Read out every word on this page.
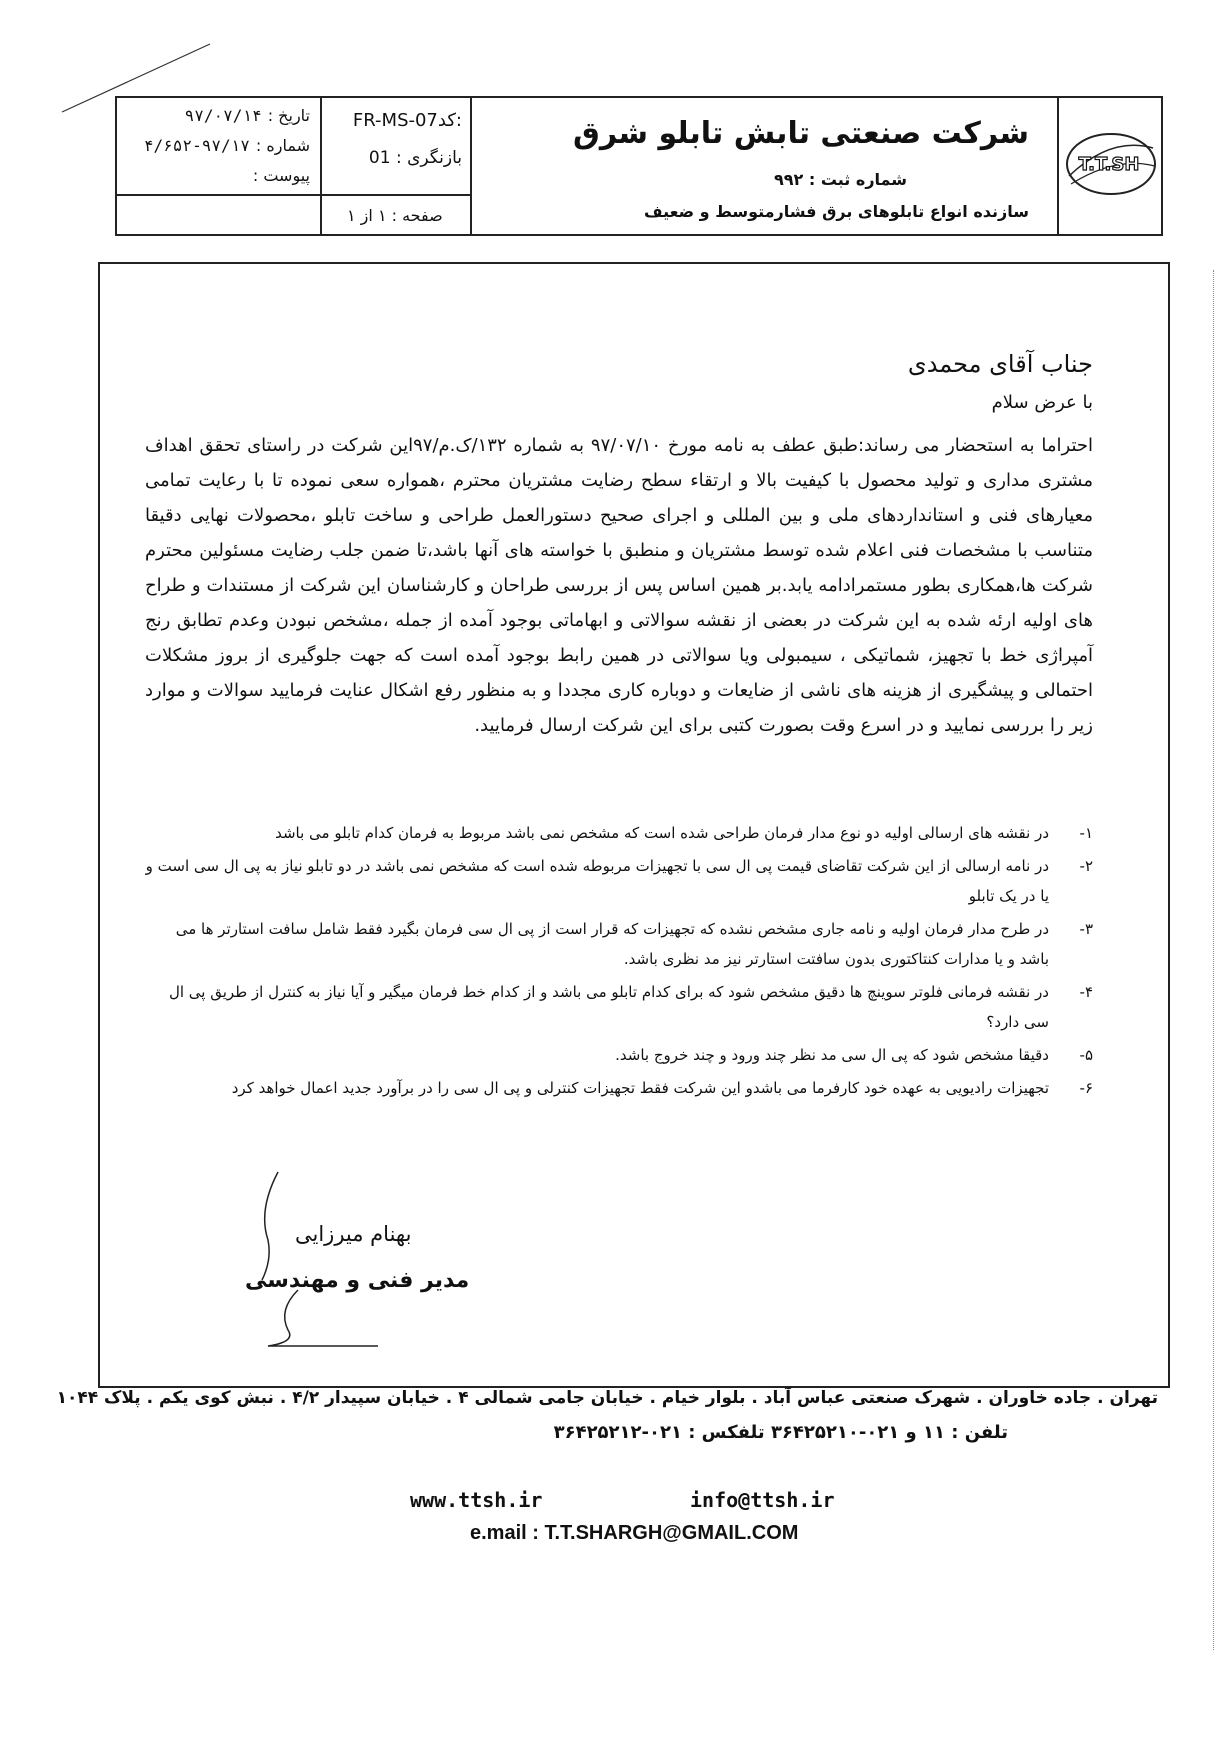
تاریخ :۹۷/۰۷/۱۴
شماره :۹۷/۱۷-۴/۶۵۲
پیوست :
FR-MS-07کد:
بازنگری : 01
صفحه : ۱ از ۱
شرکت صنعتی تابش تابلو شرق
شماره ثبت : ۹۹۲
سازنده انواع تابلوهای برق فشارمتوسط و ضعیف
T.T.SH
جناب آقای محمدی
با عرض سلام
احتراما به استحضار می رساند:طبق عطف به نامه مورخ ۹۷/۰۷/۱۰ به شماره ۱۳۲/ک.م/۹۷این شرکت در راستای تحقق اهداف مشتری مداری و تولید محصول با کیفیت بالا و ارتقاء سطح رضایت مشتریان محترم ،همواره سعی نموده تا با رعایت تمامی معیارهای فنی و استانداردهای ملی و بین المللی و اجرای صحیح دستورالعمل طراحی و ساخت تابلو ،محصولات نهایی دقیقا متناسب با مشخصات فنی اعلام شده توسط مشتریان و منطبق با خواسته های آنها باشد،تا ضمن جلب رضایت مسئولین محترم شرکت ها،همکاری بطور مستمرادامه یابد.بر همین اساس پس از بررسی طراحان و کارشناسان این شرکت از مستندات و طراح های اولیه ارئه شده به این شرکت در بعضی از نقشه سوالاتی و ابهاماتی بوجود آمده از جمله ،مشخص نبودن وعدم تطابق رنج آمپراژی خط با تجهیز، شماتیکی ، سیمبولی ویا سوالاتی در همین رابط بوجود آمده است که جهت جلوگیری از بروز مشکلات احتمالی و پیشگیری از هزینه های ناشی از ضایعات و دوباره کاری مجددا و به منظور رفع اشکال عنایت فرمایید سوالات و موارد زیر را بررسی نمایید و در اسرع وقت بصورت کتبی برای این شرکت ارسال فرمایید.
۱-
در نقشه های ارسالی اولیه دو نوع مدار فرمان طراحی شده است که مشخص نمی باشد مربوط به فرمان کدام تابلو می باشد
۲-
در نامه ارسالی از این شرکت تقاضای قیمت پی ال سی با تجهیزات مربوطه شده است که مشخص نمی باشد در دو تابلو نیاز به پی ال سی است و یا در یک تابلو
۳-
در طرح مدار فرمان اولیه و نامه جاری مشخص نشده که تجهیزات که قرار است از پی ال سی فرمان بگیرد فقط شامل سافت استارتر ها می باشد و یا مدارات کنتاکتوری بدون سافتت استارتر نیز مد نظری باشد.
۴-
در نقشه فرمانی فلوتر سوینچ ها دقیق مشخص شود که برای کدام تابلو می باشد و از کدام خط فرمان میگیر و آیا نیاز به کنترل از طریق پی ال سی دارد؟
۵-
دقیقا مشخص شود که پی ال سی مد نظر چند ورود و چند خروج باشد.
۶-
تجهیزات رادیویی به عهده خود کارفرما می باشدو این شرکت فقط تجهیزات کنترلی و پی ال سی را در برآورد جدید اعمال خواهد کرد
بهنام میرزایی
مدیر فنی و مهندسی
تهران . جاده خاوران . شهرک صنعتی عباس آباد . بلوار خیام . خیابان جامی شمالی ۴ . خیابان سپیدار ۴/۲ . نبش کوی یکم . پلاک ۱۰۴۴
تلفن : ۱۱ و ۰۲۱-۳۶۴۲۵۲۱۰ تلفکس : ۰۲۱-۳۶۴۲۵۲۱۲
www.ttsh.ir	info@ttsh.ir
e.mail : T.T.SHARGH@GMAIL.COM
